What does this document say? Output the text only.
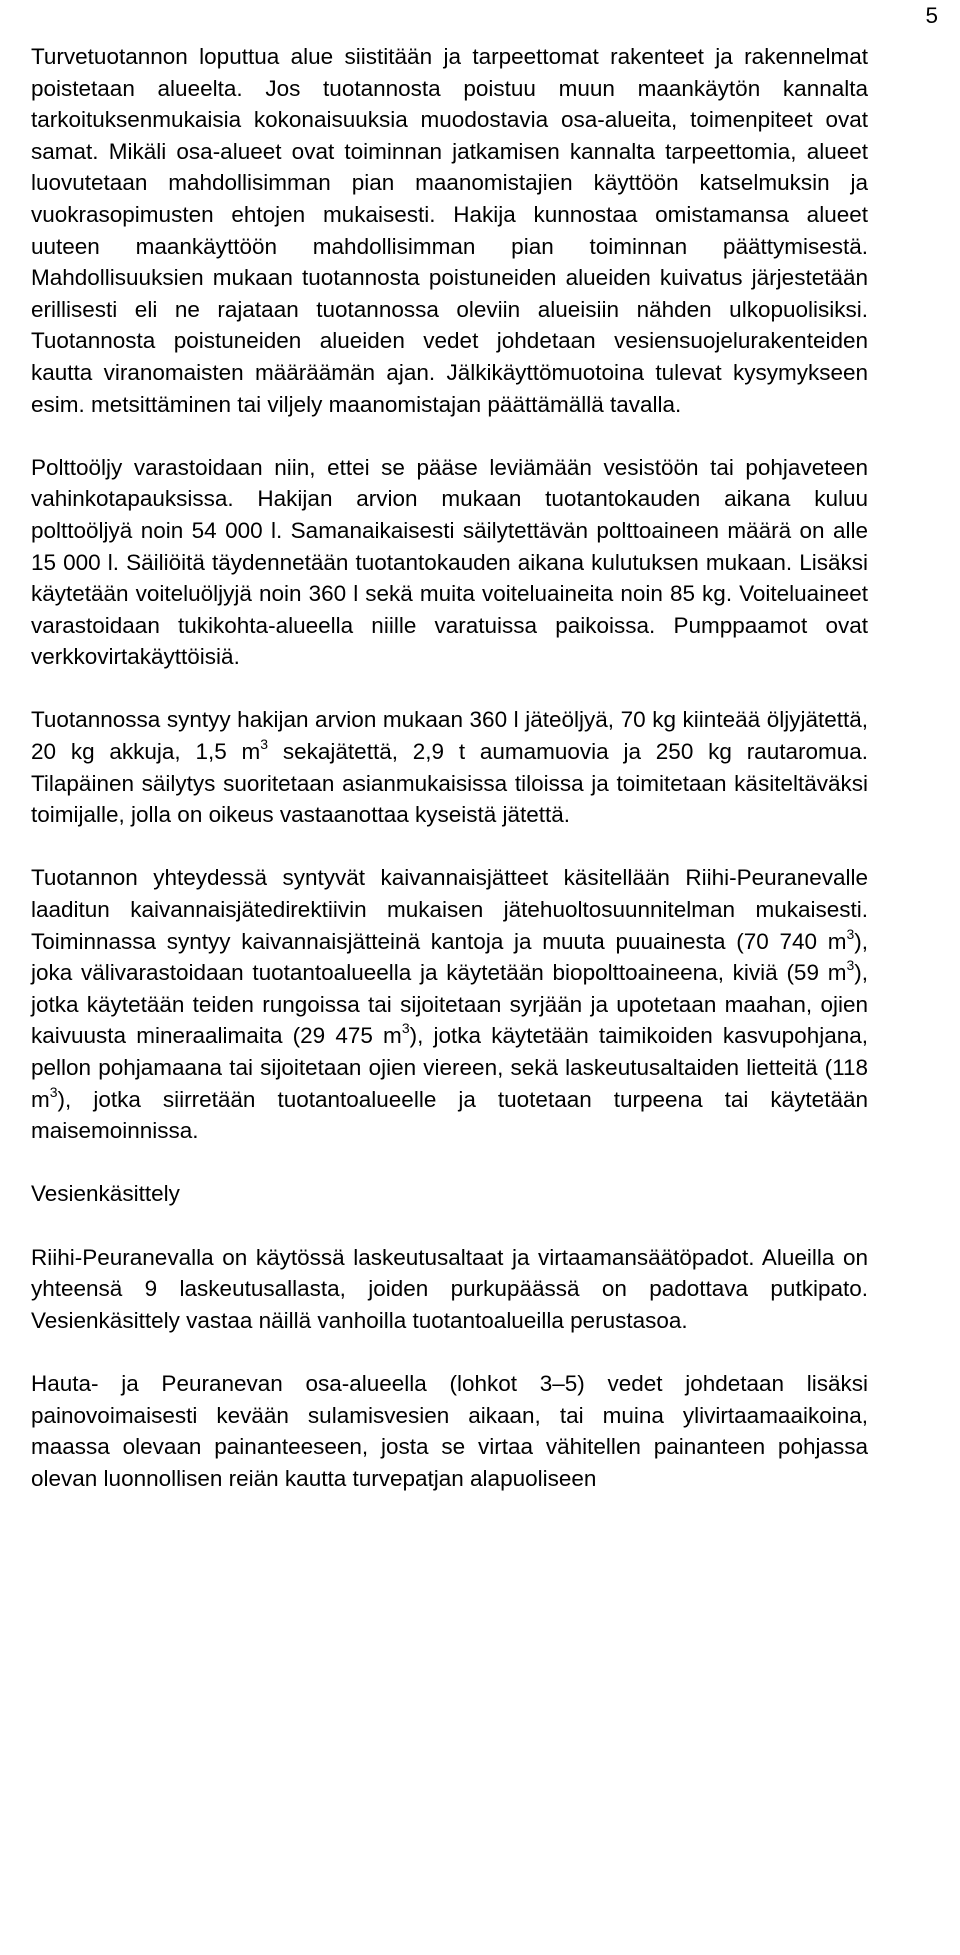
5

Turvetuotannon loputtua alue siistitään ja tarpeettomat rakenteet ja rakennelmat poistetaan alueelta. Jos tuotannosta poistuu muun maankäytön kannalta tarkoituksenmukaisia kokonaisuuksia muodostavia osa-alueita, toimenpiteet ovat samat. Mikäli osa-alueet ovat toiminnan jatkamisen kannalta tarpeettomia, alueet luovutetaan mahdollisimman pian maanomistajien käyttöön katselmuksin ja vuokrasopimusten ehtojen mukaisesti. Hakija kunnostaa omistamansa alueet uuteen maankäyttöön mahdollisimman pian toiminnan päättymisestä. Mahdollisuuksien mukaan tuotannosta poistuneiden alueiden kuivatus järjestetään erillisesti eli ne rajataan tuotannossa oleviin alueisiin nähden ulkopuolisiksi. Tuotannosta poistuneiden alueiden vedet johdetaan vesiensuojelurakenteiden kautta viranomaisten määräämän ajan. Jälkikäyttömuotoina tulevat kysymykseen esim. metsittäminen tai viljely maanomistajan päättämällä tavalla.

Polttoöljy varastoidaan niin, ettei se pääse leviämään vesistöön tai pohjaveteen vahinkotapauksissa. Hakijan arvion mukaan tuotantokauden aikana kuluu polttoöljyä noin 54 000 l. Samanaikaisesti säilytettävän polttoaineen määrä on alle 15 000 l. Säiliöitä täydennetään tuotantokauden aikana kulutuksen mukaan. Lisäksi käytetään voiteluöljyjä noin 360 l sekä muita voiteluaineita noin 85 kg. Voiteluaineet varastoidaan tukikohta-alueella niille varatuissa paikoissa. Pumppaamot ovat verkkovirtakäyttöisiä.

Tuotannossa syntyy hakijan arvion mukaan 360 l jäteöljyä, 70 kg kiinteää öljyjätettä, 20 kg akkuja, 1,5 $m^3$ sekajätettä, 2,9 t aumamuovia ja 250 kg rautaromua. Tilapäinen säilytys suoritetaan asianmukaisissa tiloissa ja toimitetaan käsiteltäväksi toimijalle, jolla on oikeus vastaanottaa kyseistä jätettä.

Tuotannon yhteydessä syntyvät kaivannaisjätteet käsitellään Riihi-Peuranevalle laaditun kaivannaisjätedirektiivin mukaisen jätehuoltosuunnitelman mukaisesti. Toiminnassa syntyy kaivannaisjätteinä kantoja ja muuta puuainesta (70 740 $m^3$), joka välivarastoidaan tuotantoalueella ja käytetään biopolttoaineena, kiviä (59 $m^3$), jotka käytetään teiden rungoissa tai sijoitetaan syrjään ja upotetaan maahan, ojien kaivuusta mineraalimaita (29 475 $m^3$), jotka käytetään taimikoiden kasvupohjana, pellon pohjamaana tai sijoitetaan ojien viereen, sekä laskeutusaltaiden lietteitä (118 $m^3$), jotka siirretään tuotantoalueelle ja tuotetaan turpeena tai käytetään maisemoinnissa.

Vesienkäsittely

Riihi-Peuranevalla on käytössä laskeutusaltaat ja virtaamansäätöpadot. Alueilla on yhteensä 9 laskeutusallasta, joiden purkupäässä on padottava putkipato. Vesienkäsittely vastaa näillä vanhoilla tuotantoalueilla perustasoa.

Hauta- ja Peuranevan osa-alueella (lohkot 3–5) vedet johdetaan lisäksi painovoimaisesti kevään sulamisvesien aikaan, tai muina ylivirtaamaaikoina, maassa olevaan painanteeseen, josta se virtaa vähitellen painanteen pohjassa olevan luonnollisen reiän kautta turvepatjan alapuoliseen
